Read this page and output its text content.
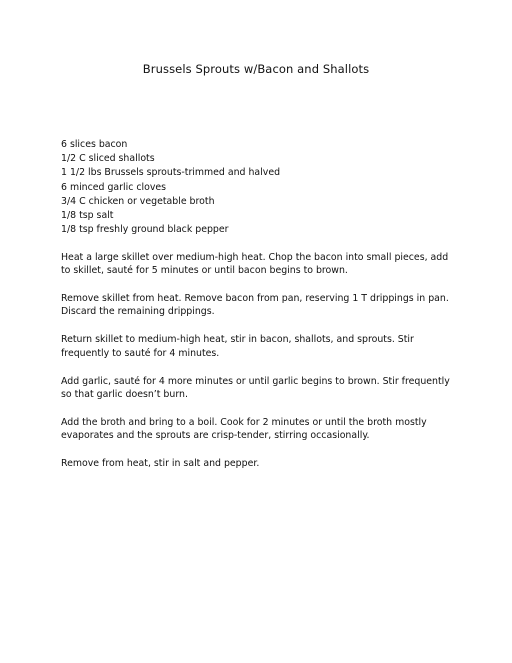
Brussels Sprouts w/Bacon and Shallots
6 slices bacon
1/2 C sliced shallots
1 1/2 lbs Brussels sprouts-trimmed and halved
6 minced garlic cloves
3/4 C chicken or vegetable broth
1/8 tsp salt
1/8 tsp freshly ground black pepper

Heat a large skillet over medium-high heat. Chop the bacon into small pieces, add to skillet, sauté for 5 minutes or until bacon begins to brown.

Remove skillet from heat. Remove bacon from pan, reserving 1 T drippings in pan. Discard the remaining drippings.

Return skillet to medium-high heat, stir in bacon, shallots, and sprouts. Stir frequently to sauté for 4 minutes.

Add garlic, sauté for 4 more minutes or until garlic begins to brown. Stir frequently so that garlic doesn’t burn.

Add the broth and bring to a boil. Cook for 2 minutes or until the broth mostly evaporates and the sprouts are crisp-tender, stirring occasionally.

Remove from heat, stir in salt and pepper.
